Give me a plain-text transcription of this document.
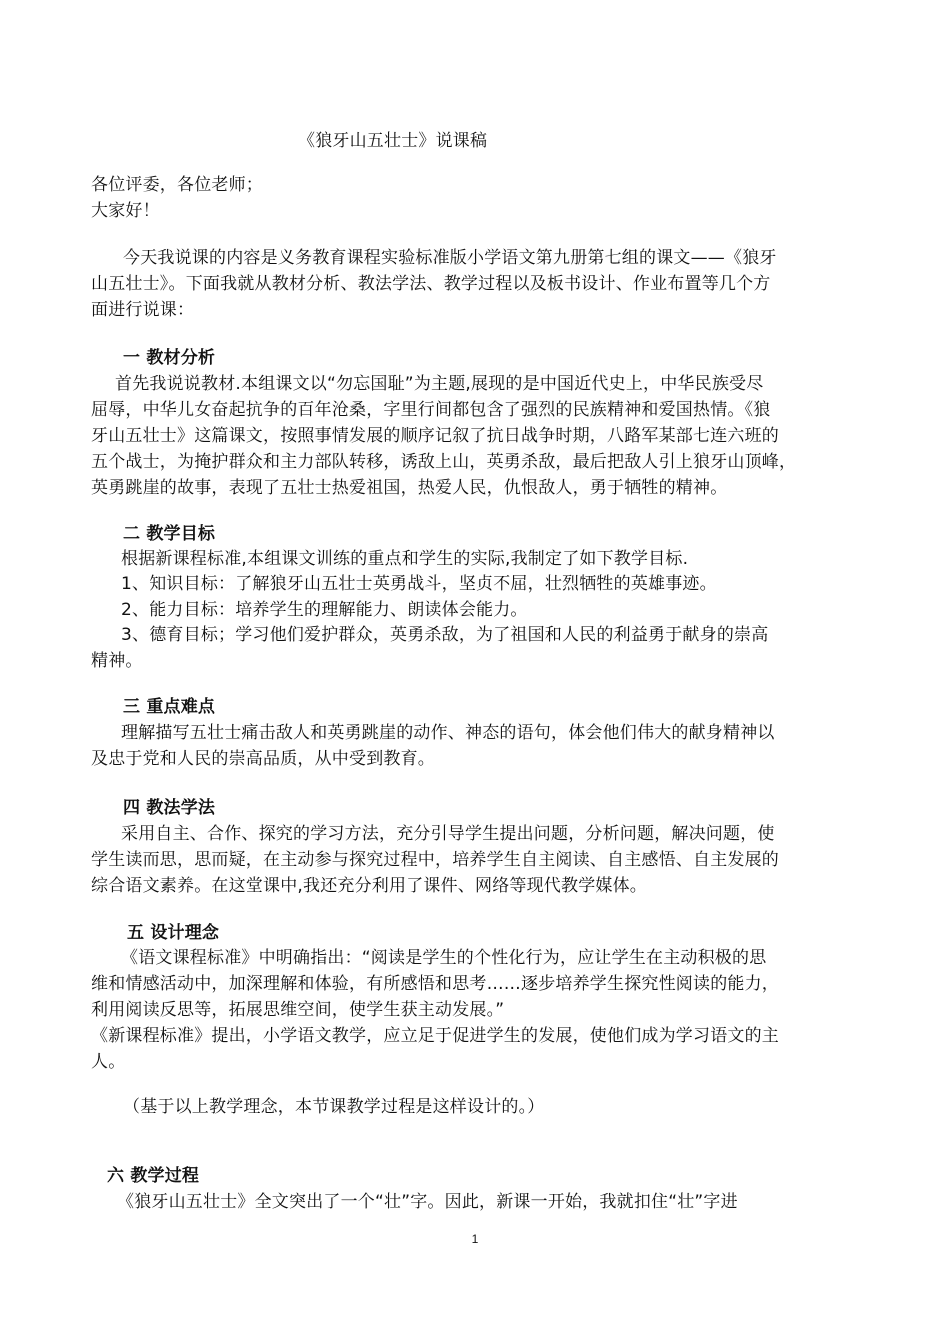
《狼牙山五壮士》说课稿
各位评委，各位老师；
大家好！
今天我说课的内容是义务教育课程实验标准版小学语文第九册第七组的课文——《狼牙
山五壮士》。下面我就从教材分析、教法学法、教学过程以及板书设计、作业布置等几个方
面进行说课：
一 教材分析
首先我说说教材.本组课文以“勿忘国耻”为主题,展现的是中国近代史上，中华民族受尽
屈辱，中华儿女奋起抗争的百年沧桑，字里行间都包含了强烈的民族精神和爱国热情。《狼
牙山五壮士》这篇课文，按照事情发展的顺序记叙了抗日战争时期，八路军某部七连六班的
五个战士，为掩护群众和主力部队转移，诱敌上山，英勇杀敌，最后把敌人引上狼牙山顶峰，
英勇跳崖的故事，表现了五壮士热爱祖国，热爱人民，仇恨敌人，勇于牺牲的精神。
二 教学目标
根据新课程标准,本组课文训练的重点和学生的实际,我制定了如下教学目标.
1、知识目标：了解狼牙山五壮士英勇战斗，坚贞不屈，壮烈牺牲的英雄事迹。
2、能力目标：培养学生的理解能力、朗读体会能力。
3、德育目标；学习他们爱护群众，英勇杀敌，为了祖国和人民的利益勇于献身的崇高
精神。
三 重点难点
理解描写五壮士痛击敌人和英勇跳崖的动作、神态的语句，体会他们伟大的献身精神以
及忠于党和人民的崇高品质，从中受到教育。
四 教法学法
采用自主、合作、探究的学习方法，充分引导学生提出问题，分析问题，解决问题，使
学生读而思，思而疑，在主动参与探究过程中，培养学生自主阅读、自主感悟、自主发展的
综合语文素养。在这堂课中,我还充分利用了课件、网络等现代教学媒体。
五 设计理念
《语文课程标准》中明确指出：“阅读是学生的个性化行为，应让学生在主动积极的思
维和情感活动中，加深理解和体验，有所感悟和思考……逐步培养学生探究性阅读的能力，
利用阅读反思等，拓展思维空间，使学生获主动发展。”
《新课程标准》提出，小学语文教学，应立足于促进学生的发展，使他们成为学习语文的主
人。
（基于以上教学理念，本节课教学过程是这样设计的。）
六 教学过程
《狼牙山五壮士》全文突出了一个“壮”字。因此，新课一开始，我就扣住“壮”字进
1
